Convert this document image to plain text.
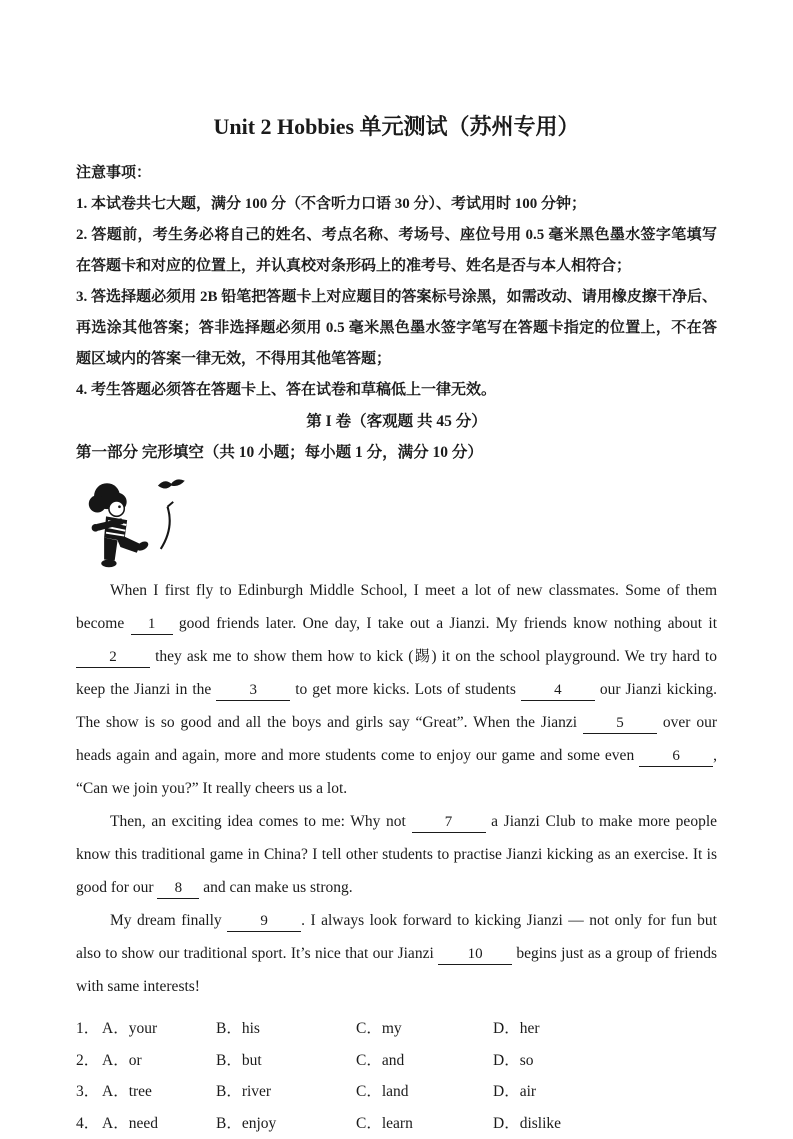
Unit 2 Hobbies 单元测试（苏州专用）
注意事项：
1. 本试卷共七大题，满分 100 分（不含听力口语 30 分）、考试用时 100 分钟；
2. 答题前，考生务必将自己的姓名、考点名称、考场号、座位号用 0.5 毫米黑色墨水签字笔填写在答题卡和对应的位置上，并认真校对条形码上的准考号、姓名是否与本人相符合；
3. 答选择题必须用 2B 铅笔把答题卡上对应题目的答案标号涂黑，如需改动、请用橡皮擦干净后、再选涂其他答案；答非选择题必须用 0.5 毫米黑色墨水签字笔写在答题卡指定的位置上，不在答题区域内的答案一律无效，不得用其他笔答题；
4. 考生答题必须答在答题卡上、答在试卷和草稿低上一律无效。
第 I 卷（客观题 共 45 分）
第一部分 完形填空（共 10 小题；每小题 1 分，满分 10 分）

When I first fly to Edinburgh Middle School, I meet a lot of new classmates. Some of them become 1 good friends later. One day, I take out a Jianzi. My friends know nothing about it 2 they ask me to show them how to kick (踢) it on the school playground. We try hard to keep the Jianzi in the 3 to get more kicks. Lots of students 4 our Jianzi kicking. The show is so good and all the boys and girls say “Great”. When the Jianzi 5 over our heads again and again, more and more students come to enjoy our game and some even 6 , “Can we join you?” It really cheers us a lot.

Then, an exciting idea comes to me: Why not 7 a Jianzi Club to make more people know this traditional game in China? I tell other students to practise Jianzi kicking as an exercise. It is good for our 8 and can make us strong.

My dream finally 9 . I always look forward to kicking Jianzi — not only for fun but also to show our traditional sport. It’s nice that our Jianzi 10 begins just as a group of friends with same interests!

1． A．your	B．his	C．my	D．her
2． A．or	B．but	C．and	D．so
3． A．tree	B．river	C．land	D．air
4． A．need	B．enjoy	C．learn	D．dislike
